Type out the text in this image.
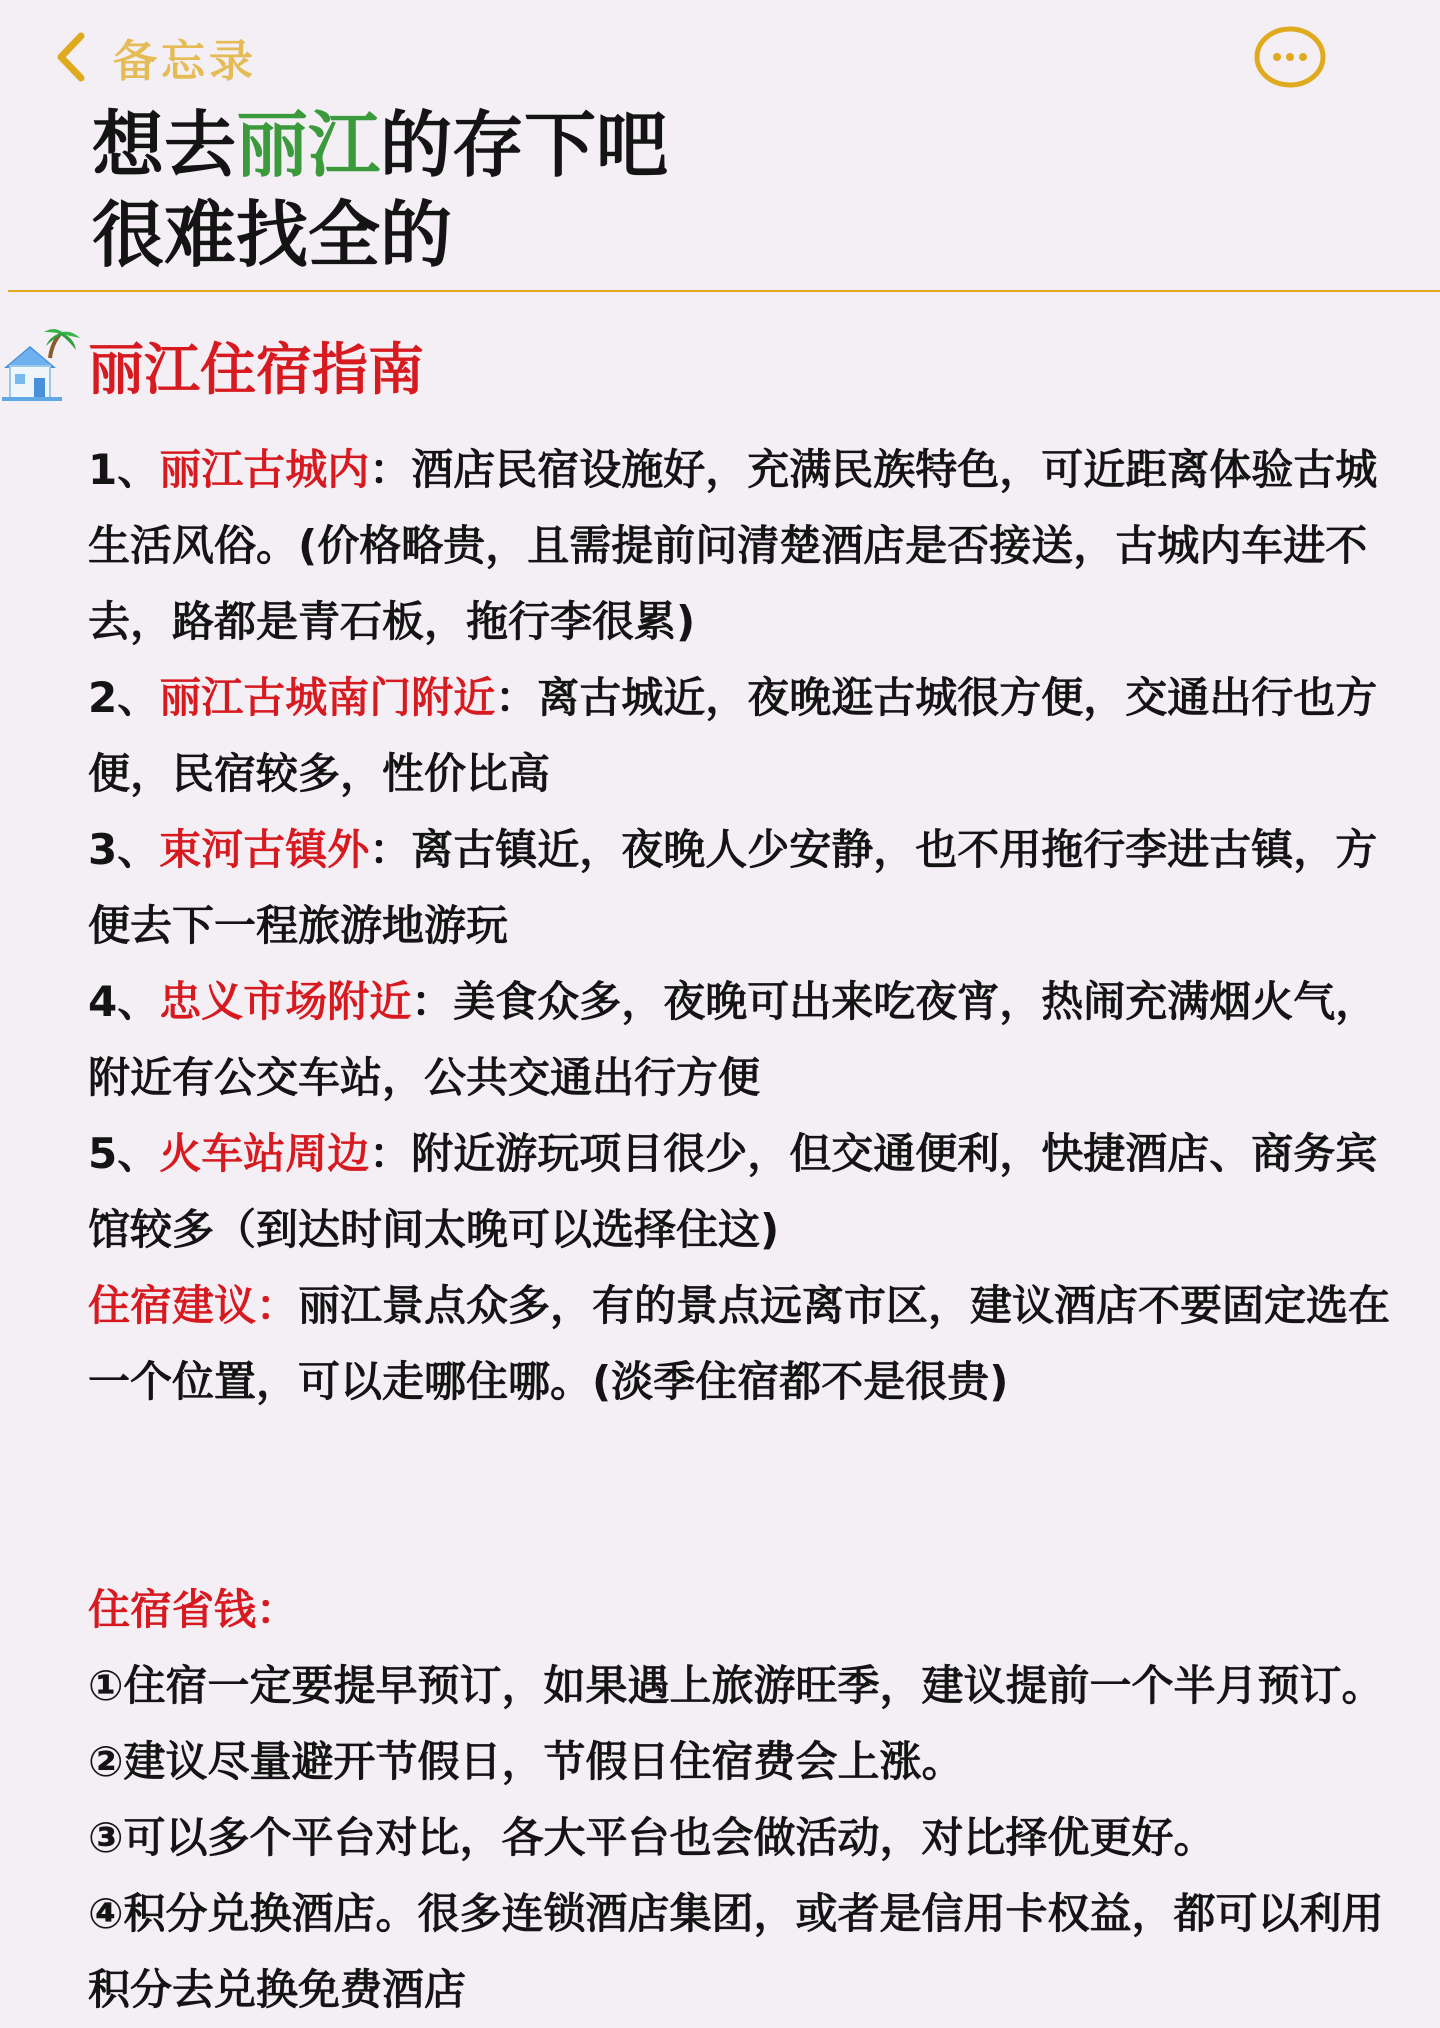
备忘录
想去丽江的存下吧
很难找全的
丽江住宿指南

1、丽江古城内：酒店民宿设施好，充满民族特色，可近距离体验古城生活风俗。(价格略贵，且需提前问清楚酒店是否接送，古城内车进不去，路都是青石板，拖行李很累)

2、丽江古城南门附近：离古城近，夜晚逛古城很方便，交通出行也方便，民宿较多，性价比高

3、束河古镇外：离古镇近，夜晚人少安静，也不用拖行李进古镇，方便去下一程旅游地游玩

4、忠义市场附近：美食众多，夜晚可出来吃夜宵，热闹充满烟火气，附近有公交车站，公共交通出行方便

5、火车站周边：附近游玩项目很少，但交通便利，快捷酒店、商务宾馆较多（到达时间太晚可以选择住这)

住宿建议：丽江景点众多，有的景点远离市区，建议酒店不要固定选在一个位置，可以走哪住哪。(淡季住宿都不是很贵)

住宿省钱：

①住宿一定要提早预订，如果遇上旅游旺季，建议提前一个半月预订。

②建议尽量避开节假日，节假日住宿费会上涨。

③可以多个平台对比，各大平台也会做活动，对比择优更好。

④积分兑换酒店。很多连锁酒店集团，或者是信用卡权益，都可以利用积分去兑换免费酒店
